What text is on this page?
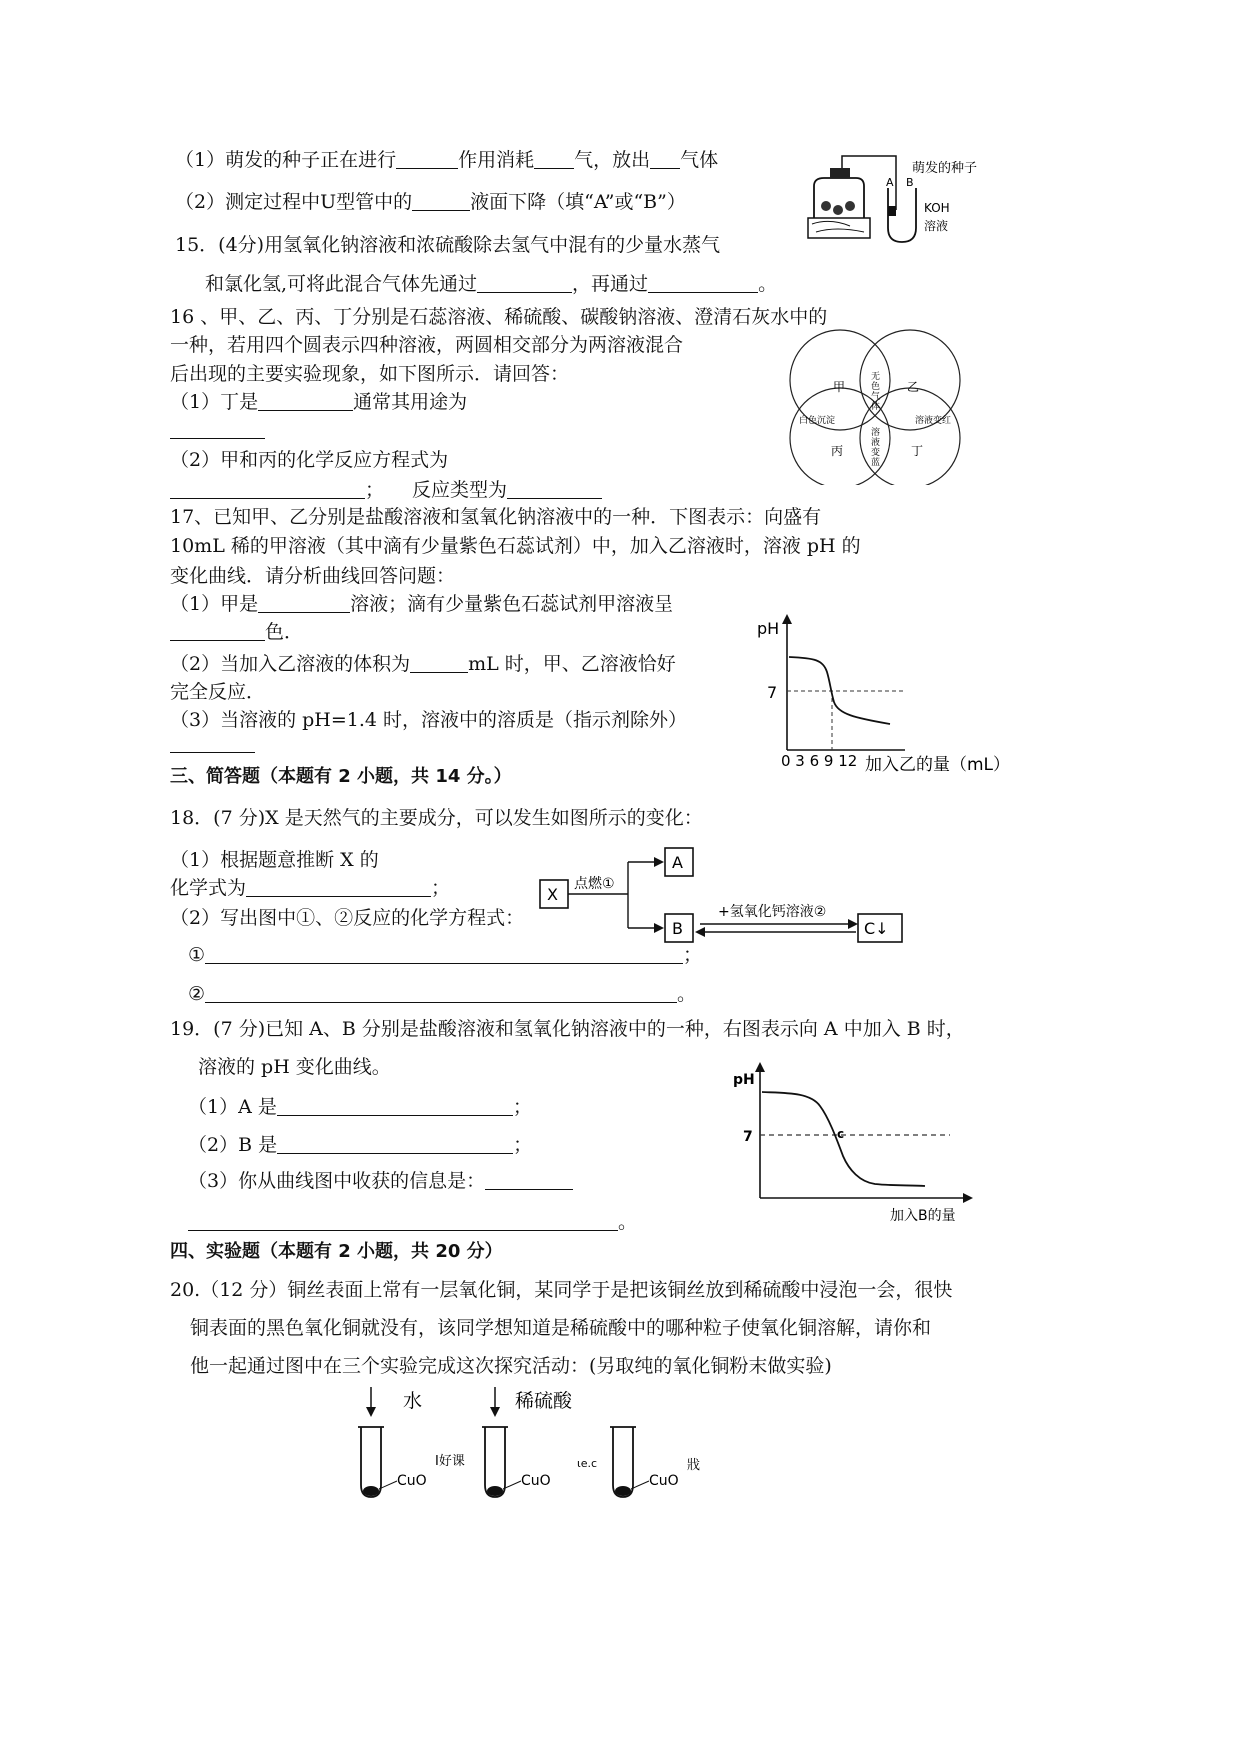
（1）萌发的种子正在进行	作用消耗 气，放出 气体
（2）测定过程中U型管中的	液面下降（填“A”或“B”）
萌发的种子
A B
KOH
溶液
15．(4分)用氢氧化钠溶液和浓硫酸除去氢气中混有的少量水蒸气
和氯化氢,可将此混合气体先通过	，再通过	。
16 、甲、乙、丙、丁分别是石蕊溶液、稀硫酸、碳酸钠溶液、澄清石灰水中的
一种，若用四个圆表示四种溶液，两圆相交部分为两溶液混合
后出现的主要实验现象，如下图所示．请回答：
（1）丁是	通常其用途为
（2）甲和丙的化学反应方程式为
； 反应类型为
甲	乙
丙	丁
无
色
气
体
白色沉淀	溶液变红
溶
液
变
蓝
17、已知甲、乙分别是盐酸溶液和氢氧化钠溶液中的一种．下图表示：向盛有
10mL 稀的甲溶液（其中滴有少量紫色石蕊试剂）中，加入乙溶液时，溶液 pH 的
变化曲线．请分析曲线回答问题：
（1）甲是	溶液；滴有少量紫色石蕊试剂甲溶液呈
色．
（2）当加入乙溶液的体积为	mL 时，甲、乙溶液恰好
完全反应．
（3）当溶液的 pH=1.4 时，溶液中的溶质是（指示剂除外）
pH
7
0 3 6 9 12 加入乙的量（mL）
三、简答题（本题有 2 小题，共 14 分。）
18．(7 分)X 是天然气的主要成分，可以发生如图所示的变化：
（1）根据题意推断 X 的
化学式为	；
（2）写出图中①、②反应的化学方程式：
①	；
②	。
X
A
B	C↓
点燃①
+氢氧化钙溶液②
19．(7 分)已知 A、B 分别是盐酸溶液和氢氧化钠溶液中的一种，右图表示向 A 中加入 B 时，
溶液的 pH 变化曲线。
（1）A 是	；
（2）B 是	；
（3）你从曲线图中收获的信息是：
。
pH
7	c
加入B的量
四、实验题（本题有 2 小题，共 20 分）
20.（12 分）铜丝表面上常有一层氧化铜，某同学于是把该铜丝放到稀硫酸中浸泡一会，很快
铜表面的黑色氧化铜就没有，该同学想知道是稀硫酸中的哪种粒子使氧化铜溶解，请你和
他一起通过图中在三个实验完成这次探究活动：(另取纯的氧化铜粉末做实验)
水	稀硫酸
CuO
I好课
CuO
ιe.c
CuO
戕
